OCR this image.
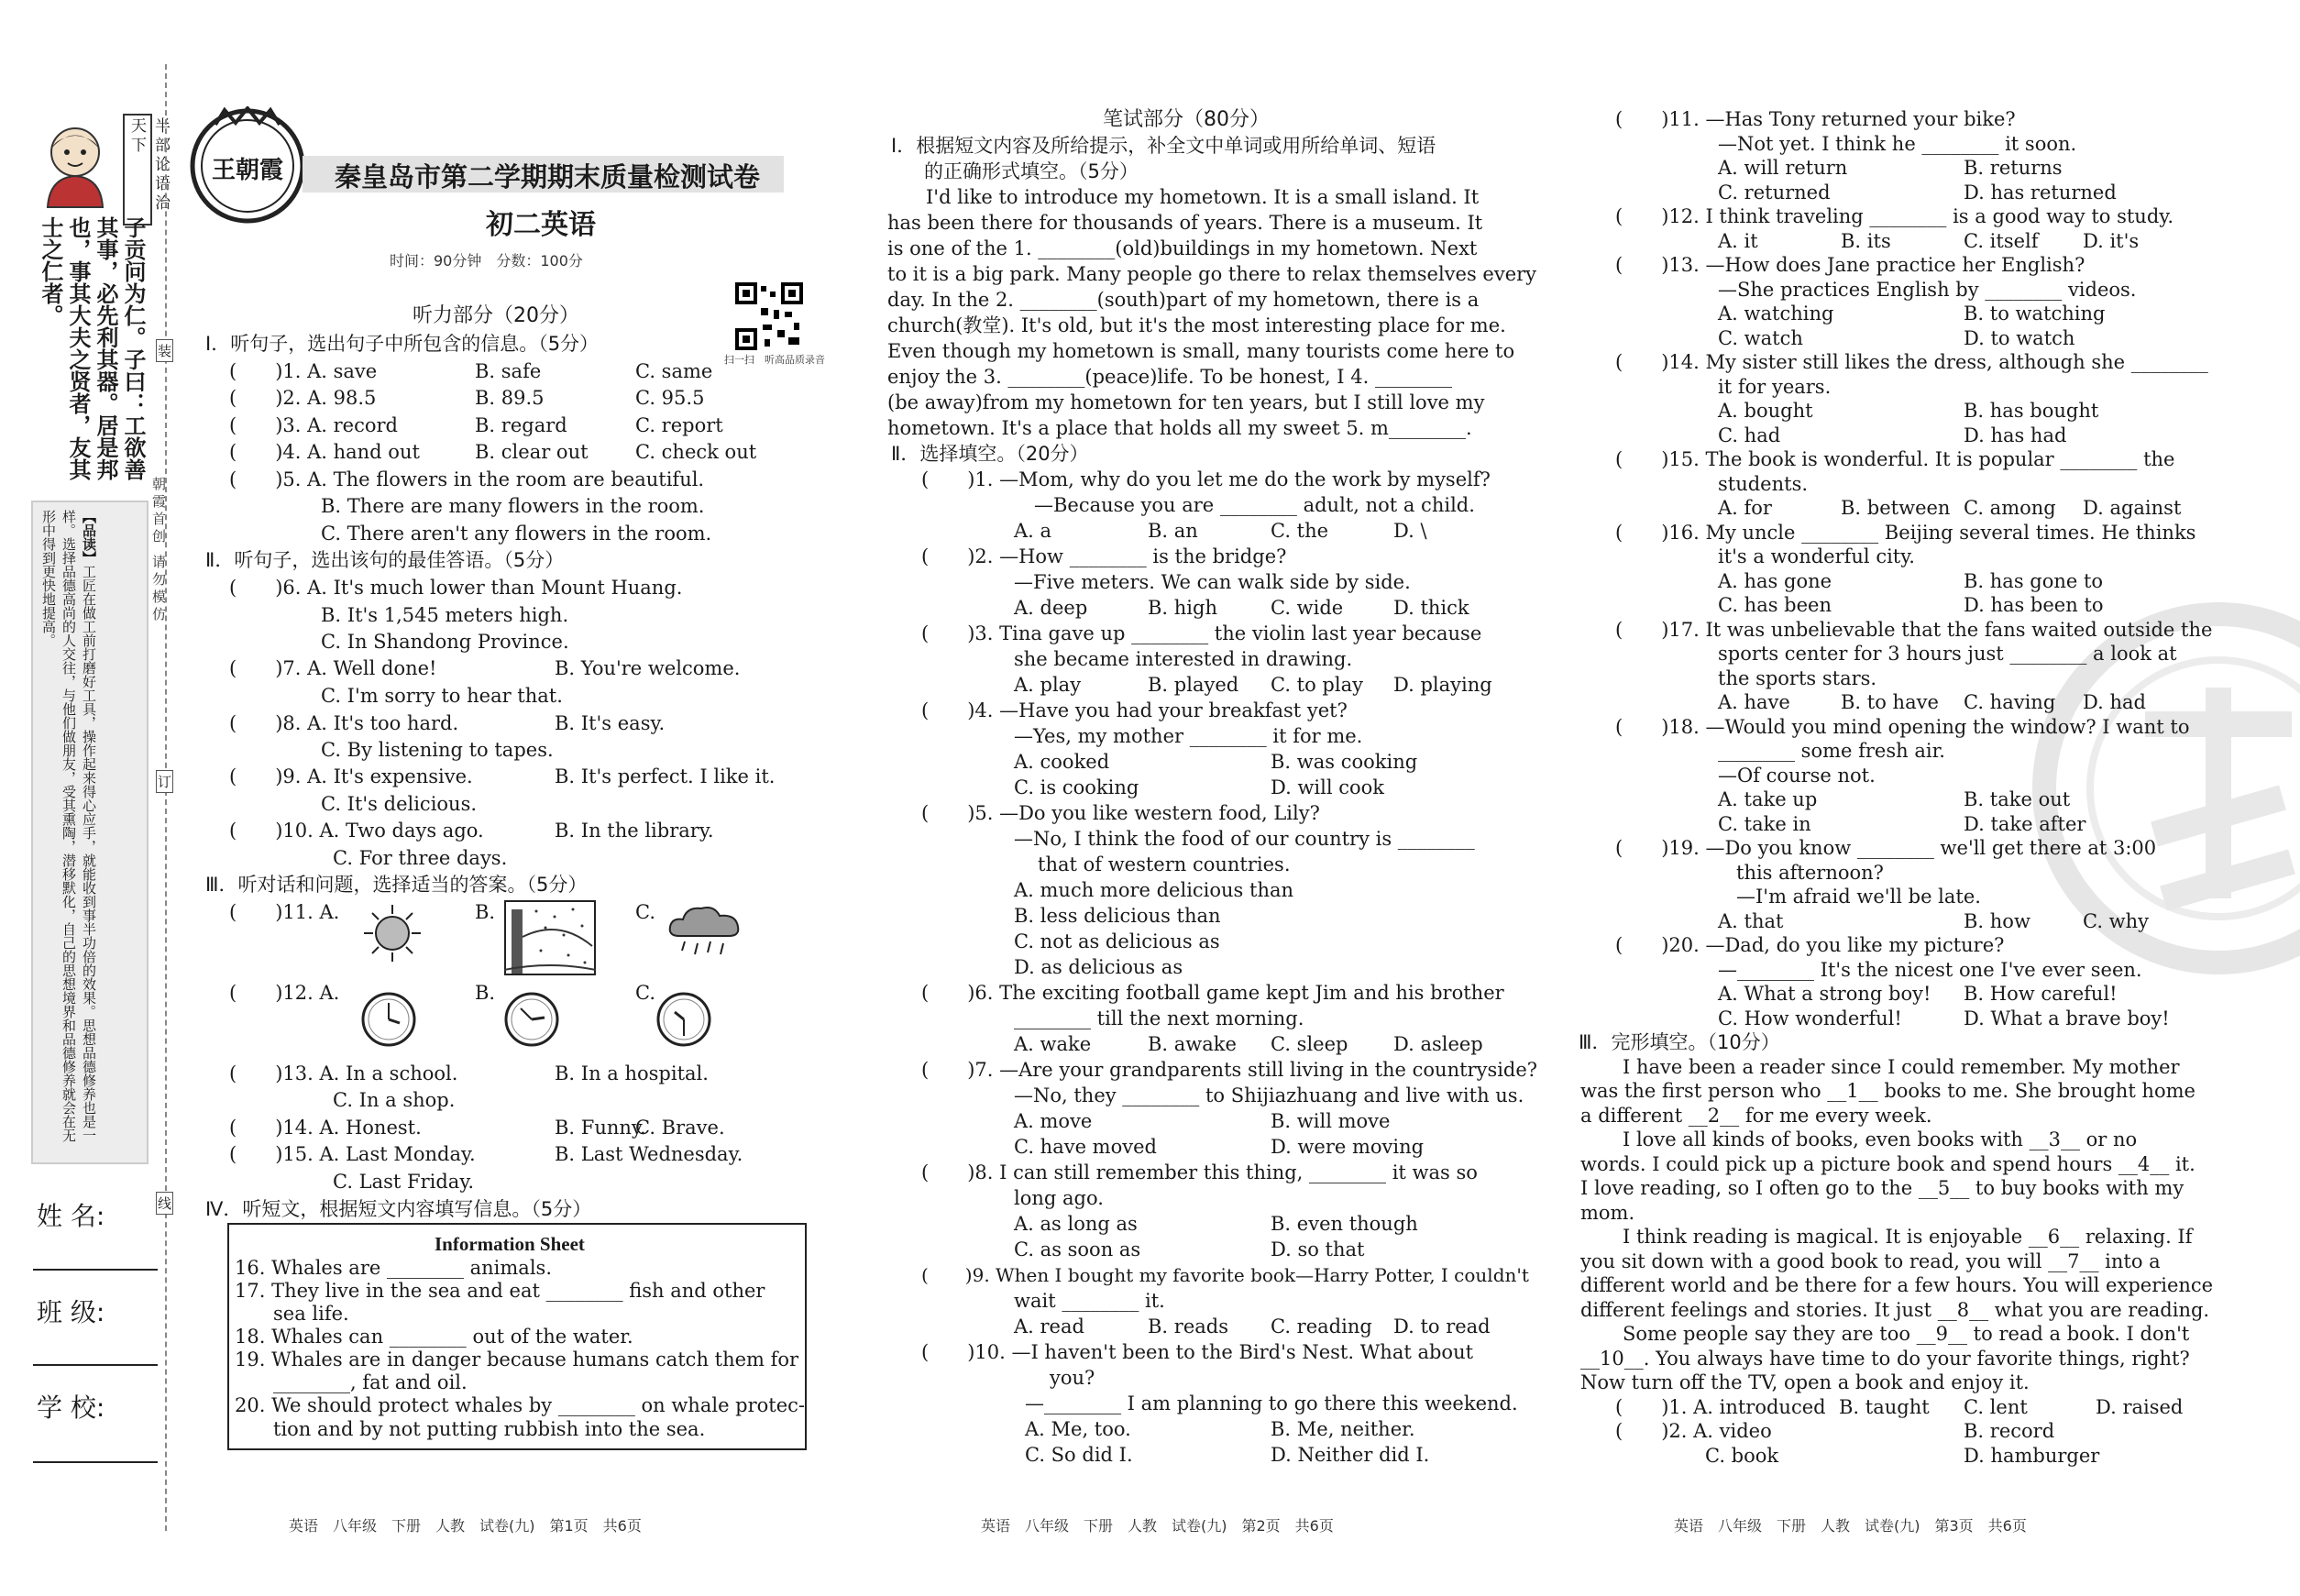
半部论语治天下
子贡问为仁。子曰：工欲善其事，必先利其器。居是邦也，事其大夫之贤者，友其士之仁者。
【品读】工匠在做工前打磨好工具，操作起来得心应手，就能收到事半功倍的效果。思想品德修养也是一样。选择品德高尚的人交往，与他们做朋友，受其熏陶，潜移默化，自己的思想境界和品德修养就会在无形中得到更快地提高。	朝霞首创 请勿模仿
装
订
线
姓 名:
班 级:
学 校:
王朝霞	秦皇岛市第二学期期末质量检测试卷
初二英语
时间：90分钟　分数：100分
扫一扫　听高品质录音
听力部分（20分）
Ⅰ．听句子，选出句子中所包含的信息。（5分）
(　　)1. A. save	B. safe	C. same
(　　)2. A. 98.5	B. 89.5	C. 95.5
(　　)3. A. record	B. regard	C. report
(　　)4. A. hand out	B. clear out C. check out
(　　)5. A. The flowers in the room are beautiful.
B. There are many flowers in the room.
C. There aren't any flowers in the room.
Ⅱ．听句子，选出该句的最佳答语。（5分）
(　　)6. A. It's much lower than Mount Huang.
B. It's 1,545 meters high.
C. In Shandong Province.
(　　)7. A. Well done!	B. You're welcome.
C. I'm sorry to hear that.
(　　)8. A. It's too hard.	B. It's easy.
C. By listening to tapes.
(　　)9. A. It's expensive.	B. It's perfect. I like it.
C. It's delicious.
(　　)10. A. Two days ago.	B. In the library.
C. For three days.
Ⅲ．听对话和问题，选择适当的答案。（5分）
(　　)11. A.	B.	C.
(　　)12. A.	B.	C.
(　　)13. A. In a school.	B. In a hospital.
C. In a shop.
(　　)14. A. Honest.	B. Funny.
C. Brave.
(　　)15. A. Last Monday.	B. Last Wednesday.
C. Last Friday.
Ⅳ．听短文，根据短文内容填写信息。（5分）
Information Sheet
16. Whales are ________ animals.
17. They live in the sea and eat ________ fish and other
sea life.
18. Whales can ________ out of the water.
19. Whales are in danger because humans catch them for
________, fat and oil.
20. We should protect whales by ________ on whale protec-
tion and by not putting rubbish into the sea.
英语　八年级　下册　人教　试卷(九)　第1页　共6页
笔试部分（80分）
Ⅰ．根据短文内容及所给提示，补全文中单词或用所给单词、短语
的正确形式填空。（5分）
I'd like to introduce my hometown. It is a small island. It
has been there for thousands of years. There is a museum. It
is one of the 1. ________(old)buildings in my hometown. Next
to it is a big park. Many people go there to relax themselves every
day. In the 2. ________(south)part of my hometown, there is a
church(教堂). It's old, but it's the most interesting place for me.
Even though my hometown is small, many tourists come here to
enjoy the 3. ________(peace)life. To be honest, I 4. ________
(be away)from my hometown for ten years, but I still love my
hometown. It's a place that holds all my sweet 5. m________.
Ⅱ．选择填空。（20分）
(　　)1. —Mom, why do you let me do the work by myself?
—Because you are ________ adult, not a child.
A. a	B. an	C. the	D. \
(　　)2. —How ________ is the bridge?
—Five meters. We can walk side by side.
A. deep	B. high	C. wide	D. thick
(　　)3. Tina gave up ________ the violin last year because
she became interested in drawing.
A. play	B. played C. to play D. playing
(　　)4. —Have you had your breakfast yet?
—Yes, my mother ________ it for me.
A. cooked	B. was cooking
C. is cooking	D. will cook
(　　)5. —Do you like western food, Lily?
—No, I think the food of our country is ________
that of western countries.
A. much more delicious than
B. less delicious than
C. not as delicious as
D. as delicious as
(　　)6. The exciting football game kept Jim and his brother
________ till the next morning.
A. wake	B. awake C. sleep D. asleep
(　　)7. —Are your grandparents still living in the countryside?
—No, they ________ to Shijiazhuang and live with us.
A. move	B. will move
C. have moved	D. were moving
(　　)8. I can still remember this thing, ________ it was so
long ago.
A. as long as	B. even though
C. as soon as	D. so that
(　　)9. When I bought my favorite book—Harry Potter, I couldn't
wait ________ it.
A. read	B. reads C. reading D. to read
(　　)10. —I haven't been to the Bird's Nest. What about
you?
—________ I am planning to go there this weekend.
A. Me, too.	B. Me, neither.
C. So did I.	D. Neither did I.
英语　八年级　下册　人教　试卷(九)　第2页　共6页
(　　)11. —Has Tony returned your bike?
—Not yet. I think he ________ it soon.
A. will return	B. returns
C. returned	D. has returned
(　　)12. I think traveling ________ is a good way to study.
A. it	B. its	C. itself D. it's
(　　)13. —How does Jane practice her English?
—She practices English by ________ videos.
A. watching	B. to watching
C. watch	D. to watch
(　　)14. My sister still likes the dress, although she ________
it for years.
A. bought	B. has bought
C. had	D. has had
(　　)15. The book is wonderful. It is popular ________ the
students.
A. for	B. between C. among D. against
(　　)16. My uncle ________ Beijing several times. He thinks
it's a wonderful city.
A. has gone	B. has gone to
C. has been	D. has been to
(　　)17. It was unbelievable that the fans waited outside the
sports center for 3 hours just ________ a look at
the sports stars.
A. have	B. to have C. having D. had
(　　)18. —Would you mind opening the window? I want to
________ some fresh air.
—Of course not.
A. take up	B. take out
C. take in	D. take after
(　　)19. —Do you know ________ we'll get there at 3:00
this afternoon?
—I'm afraid we'll be late.
A. that	B. how	C. why
(　　)20. —Dad, do you like my picture?
—________ It's the nicest one I've ever seen.
A. What a strong boy! B. How careful!
C. How wonderful!	D. What a brave boy!
Ⅲ．完形填空。（10分）
I have been a reader since I could remember. My mother
was the first person who __1__ books to me. She brought home
a different __2__ for me every week.
I love all kinds of books, even books with __3__ or no
words. I could pick up a picture book and spend hours __4__ it.
I love reading, so I often go to the __5__ to buy books with my
mom.
I think reading is magical. It is enjoyable __6__ relaxing. If
you sit down with a good book to read, you will __7__ into a
different world and be there for a few hours. You will experience
different feelings and stories. It just __8__ what you are reading.
Some people say they are too __9__ to read a book. I don't
__10__. You always have time to do your favorite things, right?
Now turn off the TV, open a book and enjoy it.
(　　)1. A. introduced B. taught C. lent	D. raised
(　　)2. A. video	B. record
C. book	D. hamburger
英语　八年级　下册　人教　试卷(九)　第3页　共6页
